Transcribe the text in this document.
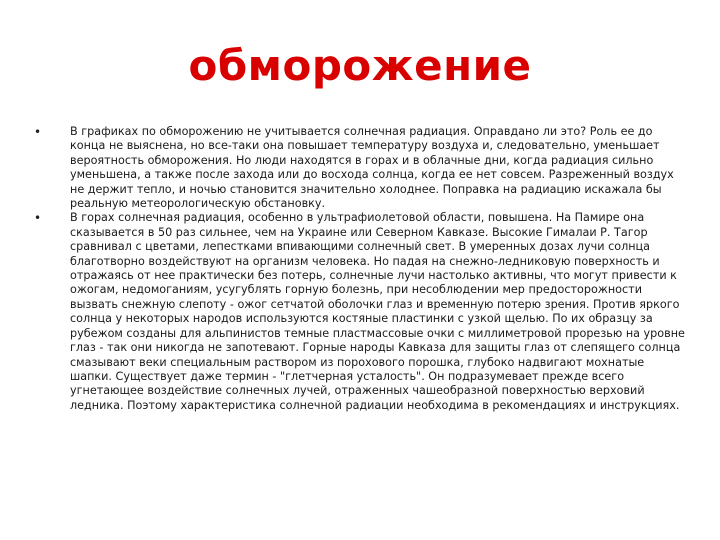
обморожение
•	В графиках по обморожению не учитывается солнечная радиация. Оправдано ли это? Роль ее до конца не выяснена, но все-таки она повышает температуру воздуха и, следовательно, уменьшает вероятность обморожения. Но люди находятся в горах и в облачные дни, когда радиация сильно уменьшена, а также после захода или до восхода солнца, когда ее нет совсем. Разреженный воздух не держит тепло, и ночью становится значительно холоднее. Поправка на радиацию искажала бы реальную метеорологическую обстановку.
•	В горах солнечная радиация, особенно в ультрафиолетовой области, повышена. На Памире она сказывается в 50 раз сильнее, чем на Украине или Северном Кавказе. Высокие Гималаи Р. Тагор сравнивал с цветами, лепестками впивающими солнечный свет. В умеренных дозах лучи солнца благотворно воздействуют на организм человека. Но падая на снежно-ледниковую поверхность и отражаясь от нее практически без потерь, солнечные лучи настолько активны, что могут привести к ожогам, недомоганиям, усугублять горную болезнь, при несоблюдении мер предосторожности вызвать снежную слепоту - ожог сетчатой оболочки глаз и временную потерю зрения. Против яркого солнца у некоторых народов используются костяные пластинки с узкой щелью. По их образцу за рубежом созданы для альпинистов темные пластмассовые очки с миллиметровой прорезью на уровне глаз - так они никогда не запотевают. Горные народы Кавказа для защиты глаз от слепящего солнца смазывают веки специальным раствором из порохового порошка, глубоко надвигают мохнатые шапки. Существует даже термин - "глетчерная усталость". Он подразумевает прежде всего угнетающее воздействие солнечных лучей, отраженных чашеобразной поверхностью верховий ледника. Поэтому характеристика солнечной радиации необходима в рекомендациях и инструкциях.
